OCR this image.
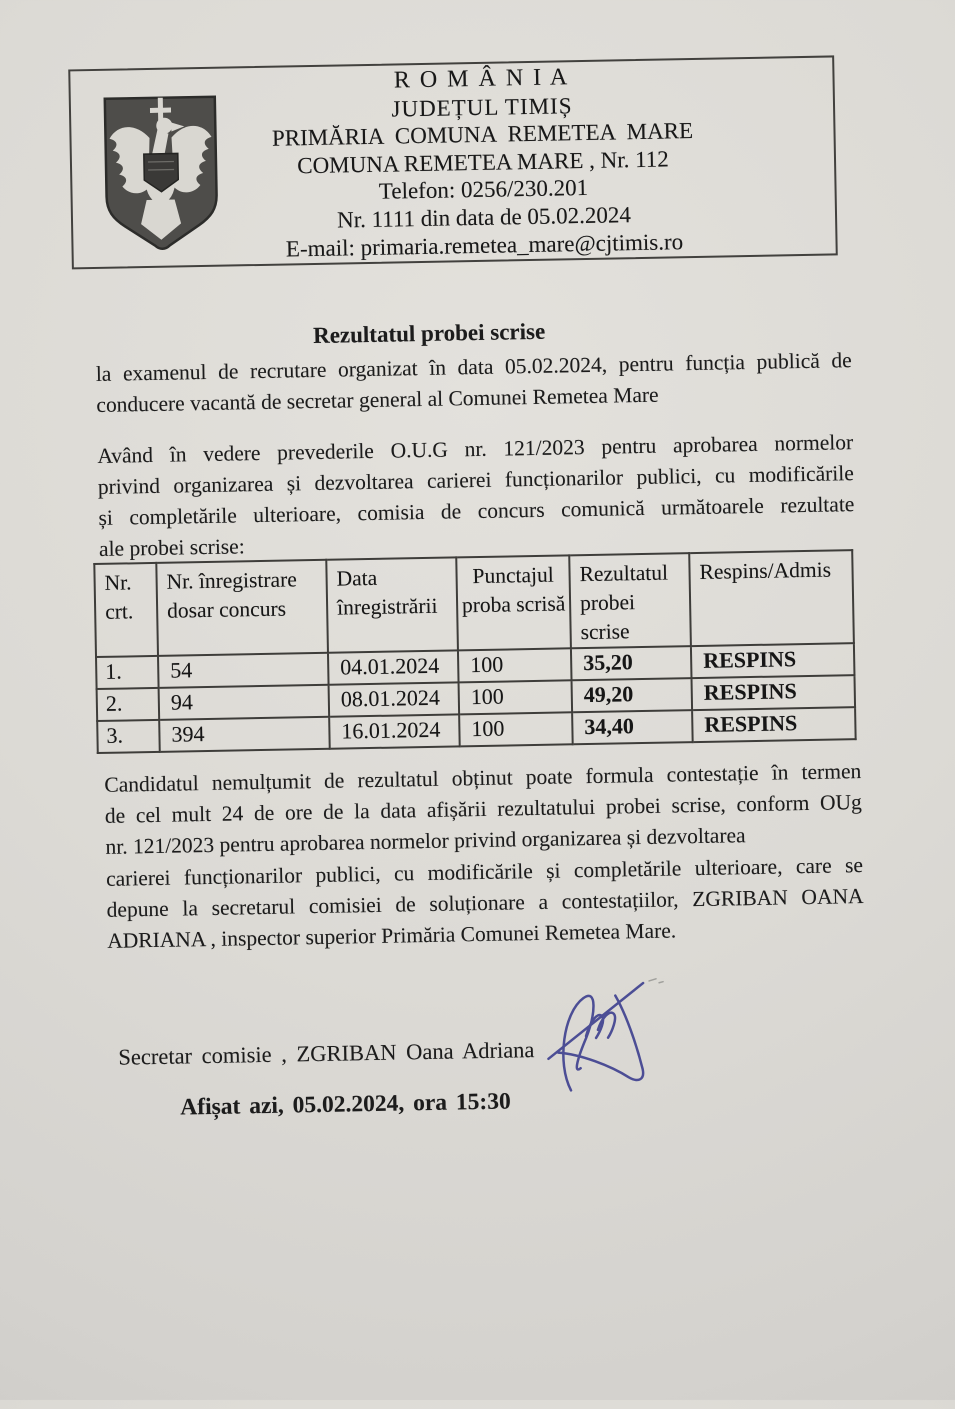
R O M Â N I A
JUDEȚUL TIMIȘ
PRIMĂRIA COMUNA REMETEA MARE
COMUNA REMETEA MARE , Nr. 112
Telefon: 0256/230.201
Nr. 1111 din data de 05.02.2024
E-mail: primaria.remetea_mare@cjtimis.ro
Rezultatul probei scrise
la examenul de recrutare organizat în data 05.02.2024, pentru funcția publică de
conducere vacantă de secretar general al Comunei Remetea Mare
Având în vedere prevederile O.U.G nr. 121/2023 pentru aprobarea normelor
privind organizarea și dezvoltarea carierei funcționarilor publici, cu modificările
și completările ulterioare, comisia de concurs comunică următoarele rezultate
ale probei scrise:
Nr. crt.	Nr. înregistrare dosar concurs	Data înregistrării	Punctajul proba scrisă	Rezultatul probei scrise	Respins/Admis
1.	54	04.01.2024	100	35,20	RESPINS
2.	94	08.01.2024	100	49,20	RESPINS
3.	394	16.01.2024	100	34,40	RESPINS
Candidatul nemulțumit de rezultatul obținut poate formula contestație în termen
de cel mult 24 de ore de la data afișării rezultatului probei scrise, conform OUg
nr. 121/2023 pentru aprobarea normelor privind organizarea și dezvoltarea
carierei funcționarilor publici, cu modificările și completările ulterioare, care se
depune la secretarul comisiei de soluționare a contestațiilor, ZGRIBAN OANA
ADRIANA , inspector superior Primăria Comunei Remetea Mare.
Secretar comisie , ZGRIBAN Oana Adriana
Afișat azi, 05.02.2024, ora 15:30
